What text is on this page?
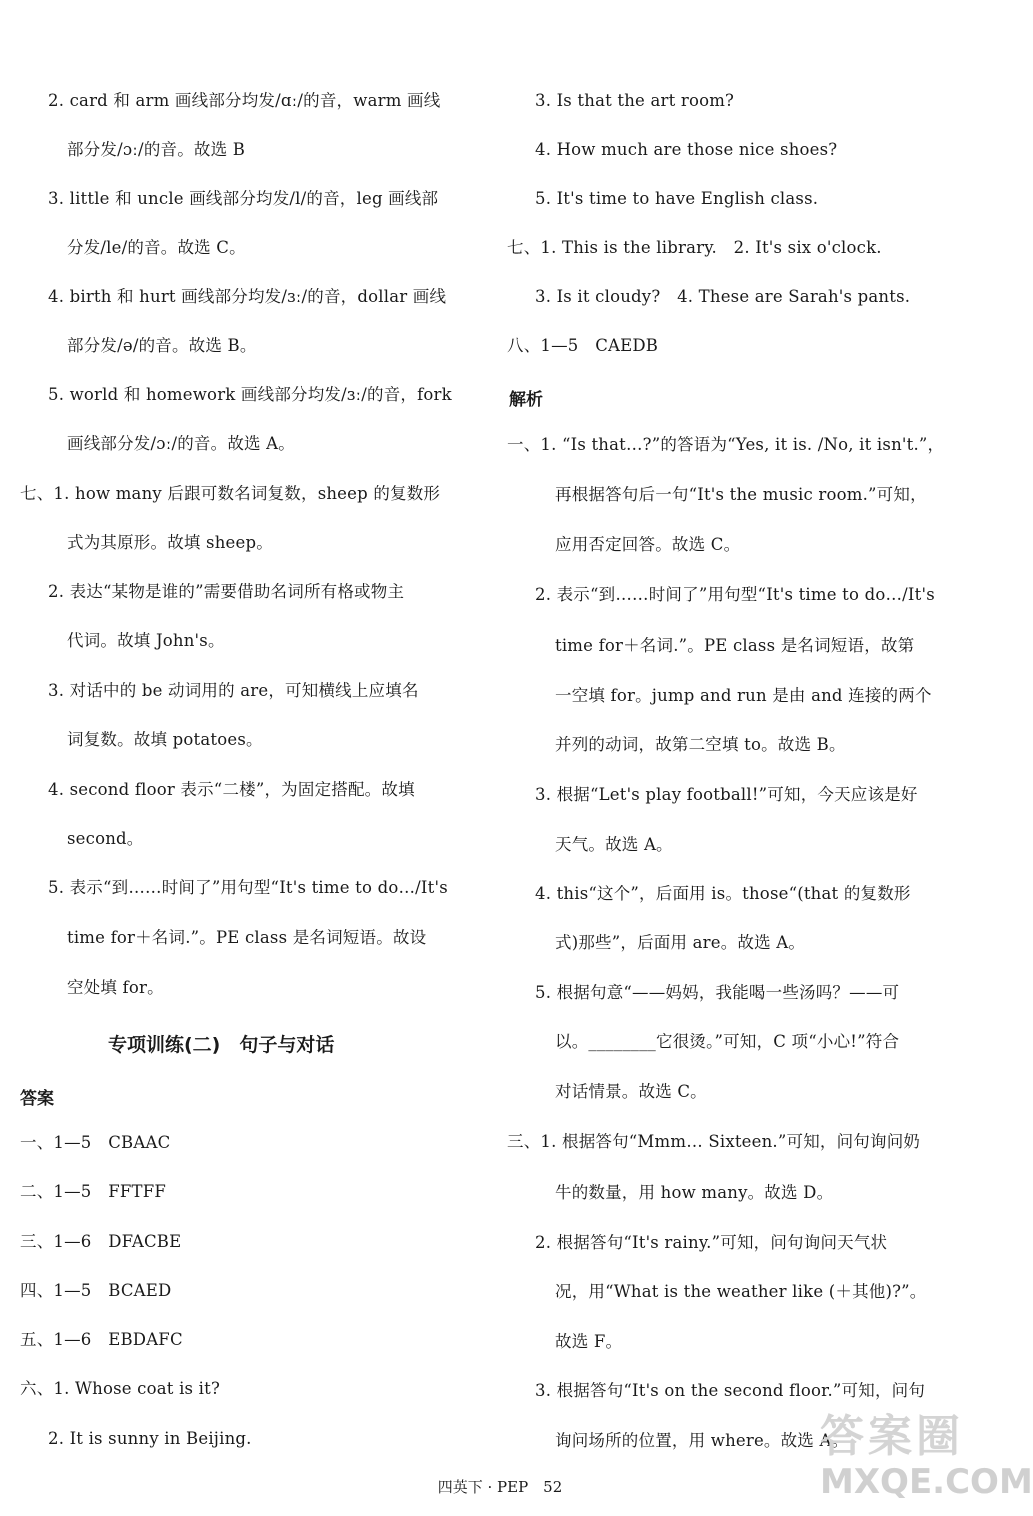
2. card 和 arm 画线部分均发/ɑː/的音，warm 画线
部分发/ɔː/的音。故选 B
3. little 和 uncle 画线部分均发/l/的音，leg 画线部
分发/le/的音。故选 C。
4. birth 和 hurt 画线部分均发/ɜː/的音，dollar 画线
部分发/ə/的音。故选 B。
5. world 和 homework 画线部分均发/ɜː/的音，fork
画线部分发/ɔː/的音。故选 A。
七、1. how many 后跟可数名词复数，sheep 的复数形
式为其原形。故填 sheep。
2. 表达“某物是谁的”需要借助名词所有格或物主
代词。故填 John's。
3. 对话中的 be 动词用的 are，可知横线上应填名
词复数。故填 potatoes。
4. second floor 表示“二楼”，为固定搭配。故填
second。
5. 表示“到……时间了”用句型“It's time to do…/It's
time for＋名词.”。PE class 是名词短语。故设
空处填 for。
一、1—5　CBAAC
二、1—5　FFTFF
三、1—6　DFACBE
四、1—5　BCAED
五、1—6　EBDAFC
六、1. Whose coat is it?
2. It is sunny in Beijing.
3. Is that the art room?
4. How much are those nice shoes?
5. It's time to have English class.
七、1. This is the library.　2. It's six o'clock.
3. Is it cloudy?　4. These are Sarah's pants.
八、1—5　CAEDB
一、1. “Is that…?”的答语为“Yes, it is. /No, it isn't.”，
再根据答句后一句“It's the music room.”可知，
应用否定回答。故选 C。
2. 表示“到……时间了”用句型“It's time to do…/It's
time for＋名词.”。PE class 是名词短语，故第
一空填 for。jump and run 是由 and 连接的两个
并列的动词，故第二空填 to。故选 B。
3. 根据“Let's play football!”可知，今天应该是好
天气。故选 A。
4. this“这个”，后面用 is。those“(that 的复数形
式)那些”，后面用 are。故选 A。
5. 根据句意“——妈妈，我能喝一些汤吗？——可
以。________它很烫。”可知，C 项“小心!”符合
对话情景。故选 C。
三、1. 根据答句“Mmm… Sixteen.”可知，问句询问奶
牛的数量，用 how many。故选 D。
2. 根据答句“It's rainy.”可知，问句询问天气状
况，用“What is the weather like (＋其他)?”。
故选 F。
3. 根据答句“It's on the second floor.”可知，问句
询问场所的位置，用 where。故选 A。
专项训练(二)　句子与对话
答案
解析
四英下 · PEP　52
答案圈
MXQE.COM
